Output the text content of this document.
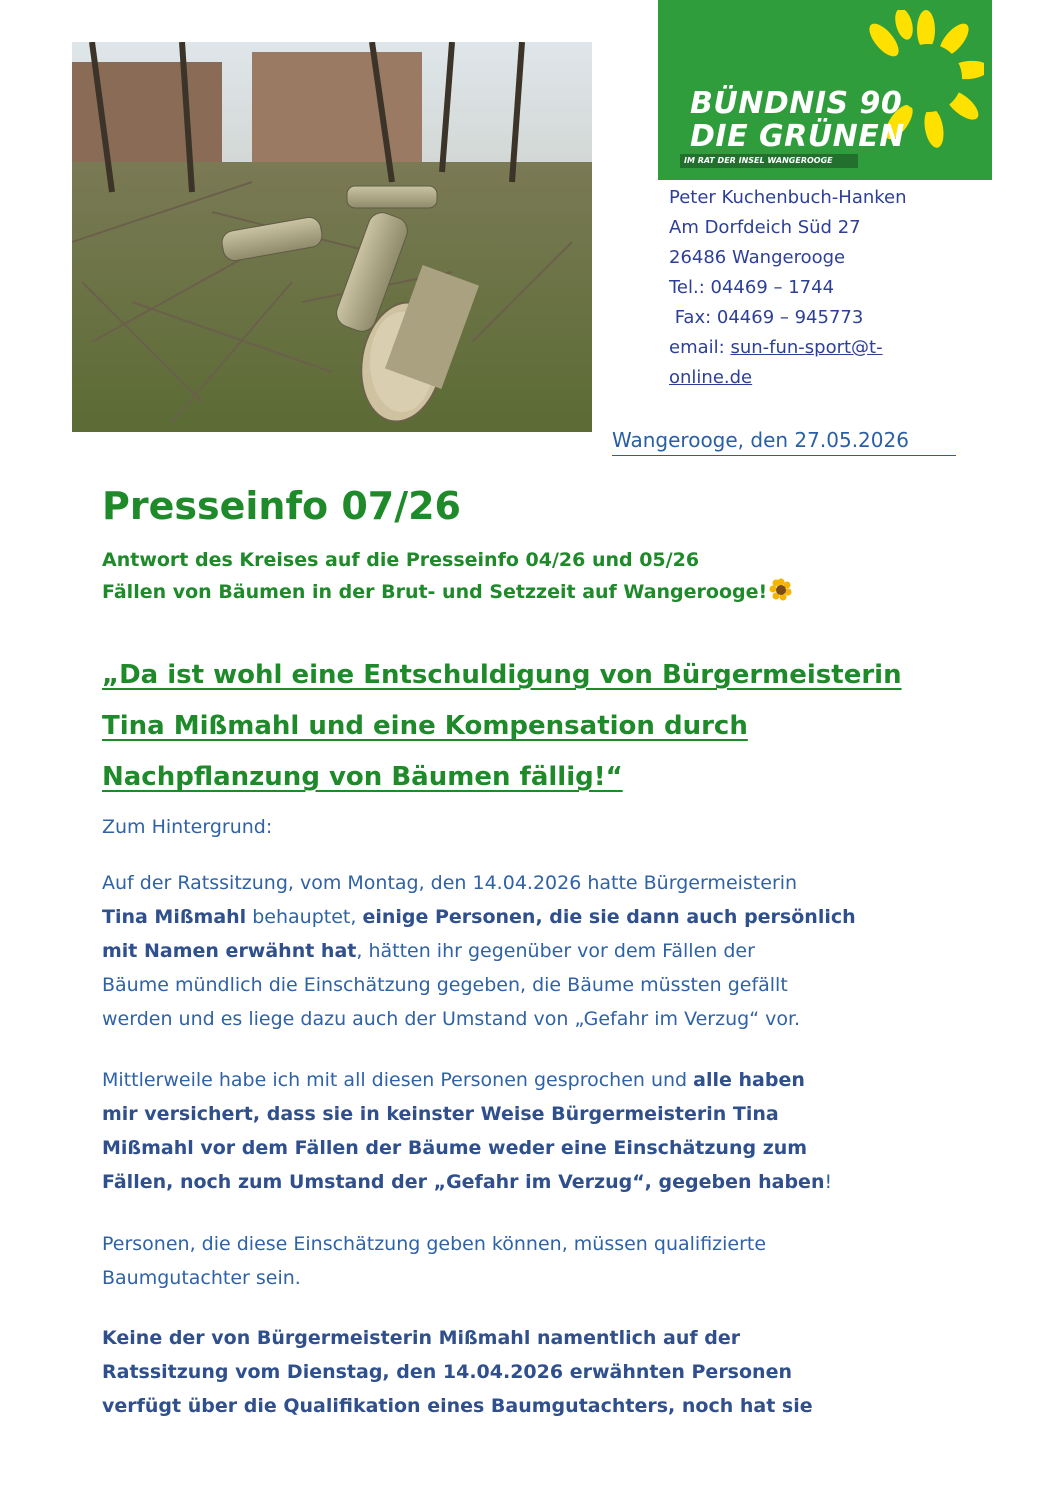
BÜNDNIS 90
DIE GRÜNEN
IM RAT DER INSEL WANGEROOGE
Peter Kuchenbuch-Hanken
Am Dorfdeich Süd 27
26486 Wangerooge
Tel.: 04469 – 1744
Fax: 04469 – 945773
email: sun-fun-sport@t-
online.de
Wangerooge, den 27.05.2026
Presseinfo 07/26
Antwort des Kreises auf die Presseinfo 04/26 und 05/26
Fällen von Bäumen in der Brut- und Setzzeit auf Wangerooge!
„Da ist wohl eine Entschuldigung von Bürgermeisterin
Tina Mißmahl und eine Kompensation durch
Nachpflanzung von Bäumen fällig!“
Zum Hintergrund:
Auf der Ratssitzung, vom Montag, den 14.04.2026 hatte Bürgermeisterin
Tina Mißmahl behauptet, einige Personen, die sie dann auch persönlich
mit Namen erwähnt hat, hätten ihr gegenüber vor dem Fällen der
Bäume mündlich die Einschätzung gegeben, die Bäume müssten gefällt
werden und es liege dazu auch der Umstand von „Gefahr im Verzug“ vor.
Mittlerweile habe ich mit all diesen Personen gesprochen und alle haben
mir versichert, dass sie in keinster Weise Bürgermeisterin Tina
Mißmahl vor dem Fällen der Bäume weder eine Einschätzung zum
Fällen, noch zum Umstand der „Gefahr im Verzug“, gegeben haben!
Personen, die diese Einschätzung geben können, müssen qualifizierte
Baumgutachter sein.
Keine der von Bürgermeisterin Mißmahl namentlich auf der
Ratssitzung vom Dienstag, den 14.04.2026 erwähnten Personen
verfügt über die Qualifikation eines Baumgutachters, noch hat sie
